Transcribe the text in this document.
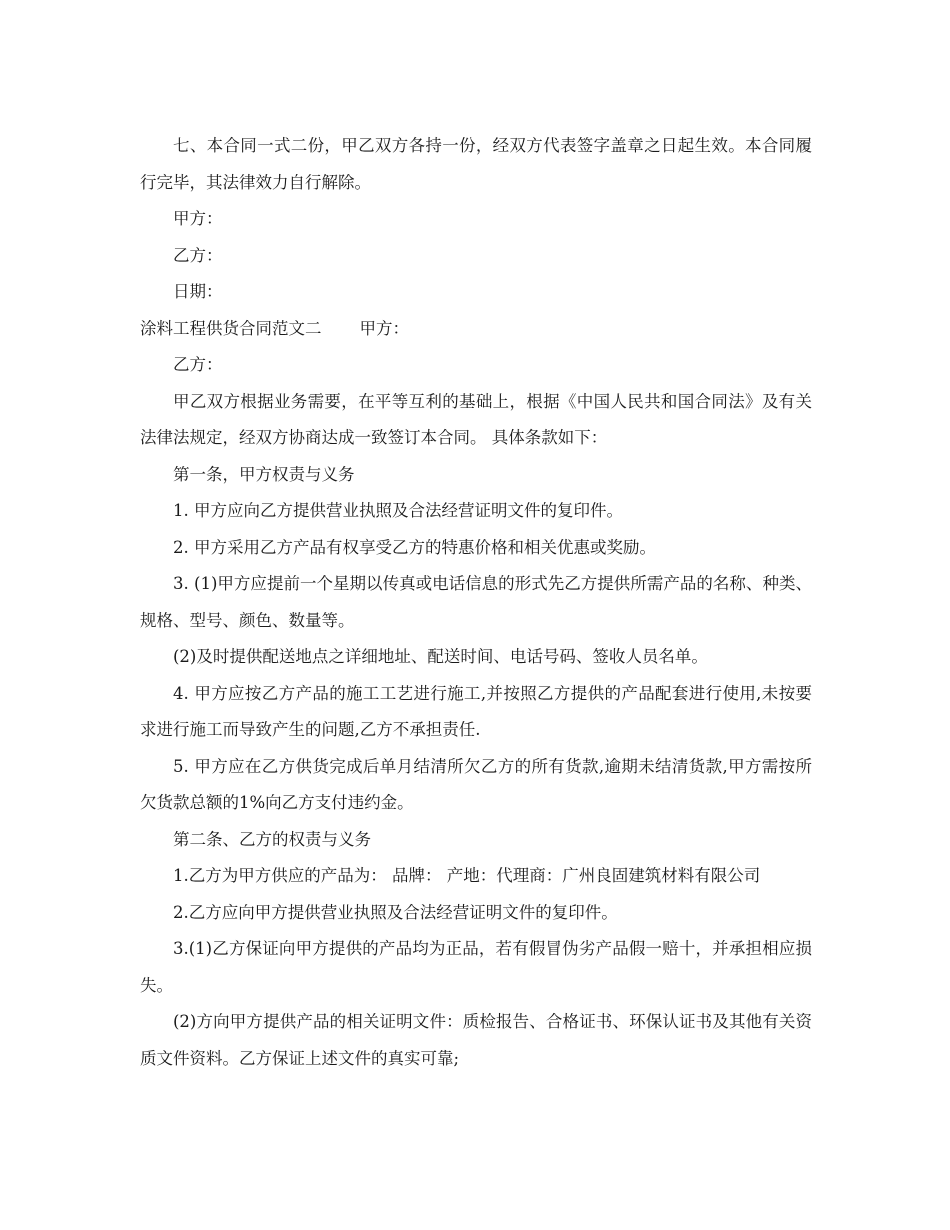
七、本合同一式二份，甲乙双方各持一份，经双方代表签字盖章之日起生效。本合同履行完毕，其法律效力自行解除。

甲方：

乙方：

日期：

涂料工程供货合同范文二 甲方：

乙方：

甲乙双方根据业务需要，在平等互利的基础上，根据《中国人民共和国合同法》及有关法律法规定，经双方协商达成一致签订本合同。 具体条款如下：

第一条，甲方权责与义务

1. 甲方应向乙方提供营业执照及合法经营证明文件的复印件。

2. 甲方采用乙方产品有权享受乙方的特惠价格和相关优惠或奖励。

3. (1)甲方应提前一个星期以传真或电话信息的形式先乙方提供所需产品的名称、种类、规格、型号、颜色、数量等。

(2)及时提供配送地点之详细地址、配送时间、电话号码、签收人员名单。

4. 甲方应按乙方产品的施工工艺进行施工,并按照乙方提供的产品配套进行使用,未按要求进行施工而导致产生的问题,乙方不承担责任.

5. 甲方应在乙方供货完成后单月结清所欠乙方的所有货款,逾期未结清货款,甲方需按所欠货款总额的1%向乙方支付违约金。

第二条、乙方的权责与义务

1.乙方为甲方供应的产品为： 品牌： 产地：代理商：广州良固建筑材料有限公司

2.乙方应向甲方提供营业执照及合法经营证明文件的复印件。

3.(1)乙方保证向甲方提供的产品均为正品，若有假冒伪劣产品假一赔十，并承担相应损失。

(2)方向甲方提供产品的相关证明文件：质检报告、合格证书、环保认证书及其他有关资质文件资料。乙方保证上述文件的真实可靠;
